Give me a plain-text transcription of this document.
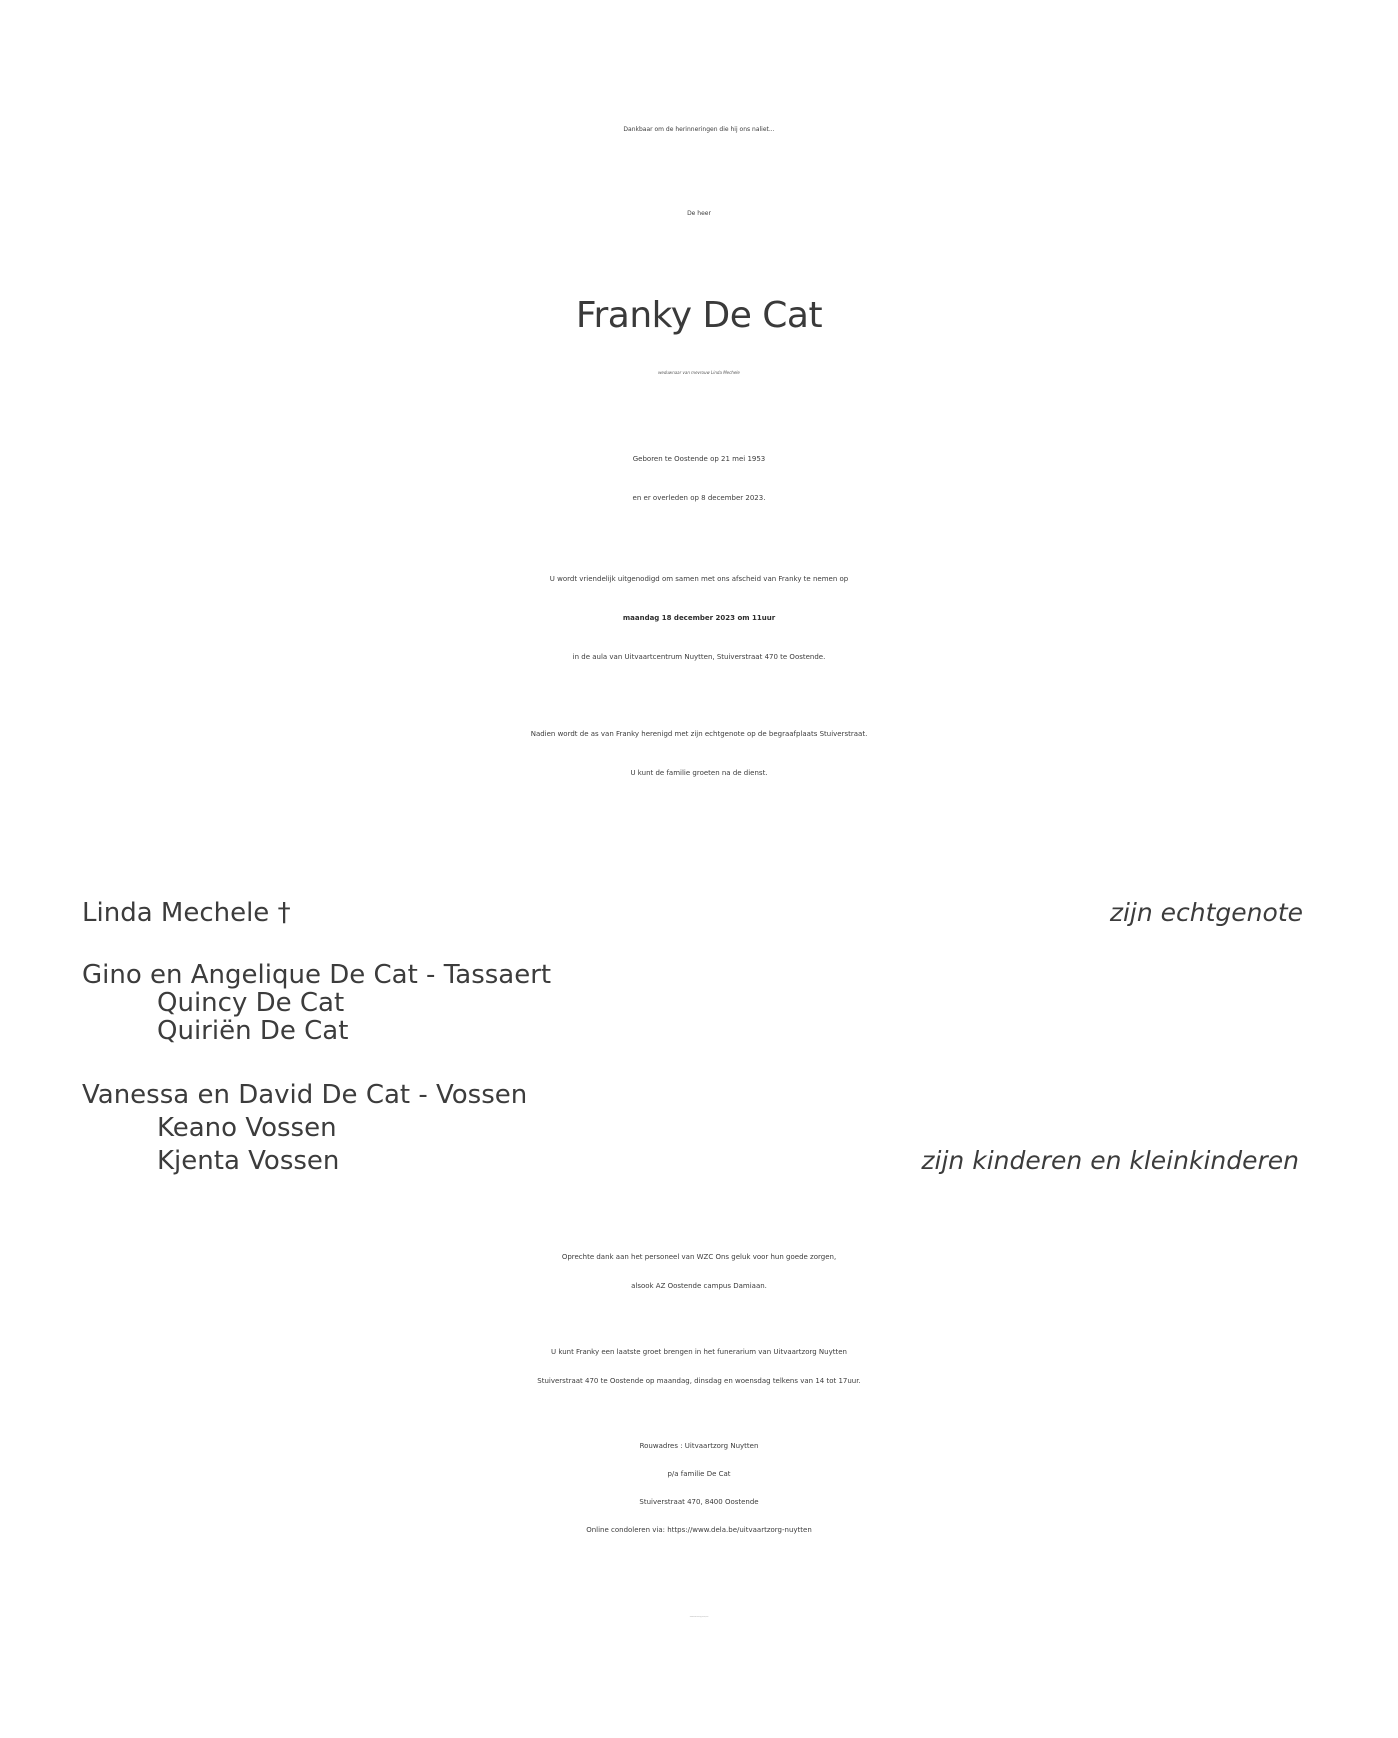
Dankbaar om de herinneringen die hij ons naliet...
De heer
Franky De Cat
weduwnaar van mevrouw Linda Mechele
Geboren te Oostende op 21 mei 1953
en er overleden op 8 december 2023.
U wordt vriendelijk uitgenodigd om samen met ons afscheid van Franky te nemen op
maandag 18 december 2023 om 11uur
in de aula van Uitvaartcentrum Nuytten, Stuiverstraat 470 te Oostende.
Nadien wordt de as van Franky herenigd met zijn echtgenote op de begraafplaats Stuiverstraat.
U kunt de familie groeten na de dienst.
Linda Mechele †	zijn echtgenote
Gino en Angelique De Cat - Tassaert
Quincy De Cat
Quiriën De Cat
Vanessa en David De Cat - Vossen
Keano Vossen
Kjenta Vossen	zijn kinderen en kleinkinderen
Oprechte dank aan het personeel van WZC Ons geluk voor hun goede zorgen,
alsook AZ Oostende campus Damiaan.
U kunt Franky een laatste groet brengen in het funerarium van Uitvaartzorg Nuytten
Stuiverstraat 470 te Oostende op maandag, dinsdag en woensdag telkens van 14 tot 17uur.
Rouwadres : Uitvaartzorg Nuytten
p/a familie De Cat
Stuiverstraat 470, 8400 Oostende
Online condoleren via: https://www.dela.be/uitvaartzorg-nuytten
Uitvaartzorg Nuytten I middenkust@dela.be I 059/70.63.63
